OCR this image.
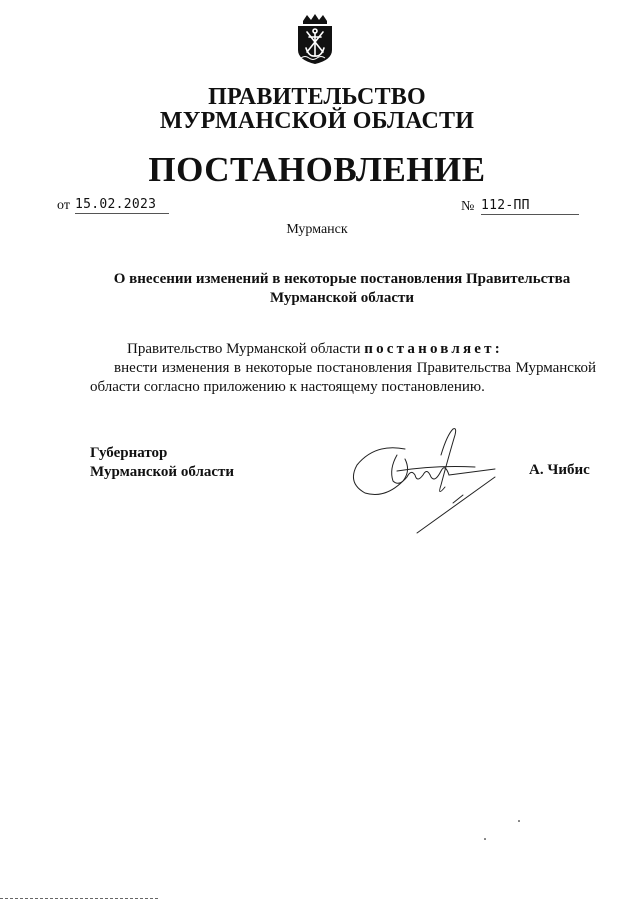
ПРАВИТЕЛЬСТВО
МУРМАНСКОЙ ОБЛАСТИ
ПОСТАНОВЛЕНИЕ
от 15.02.2023	№ 112-ПП
Мурманск
О внесении изменений в некоторые постановления Правительства
Мурманской области
Правительство Мурманской области постановляет:
внести изменения в некоторые постановления Правительства Мурманской области согласно приложению к настоящему постановлению.
Губернатор
Мурманской области	А. Чибис
